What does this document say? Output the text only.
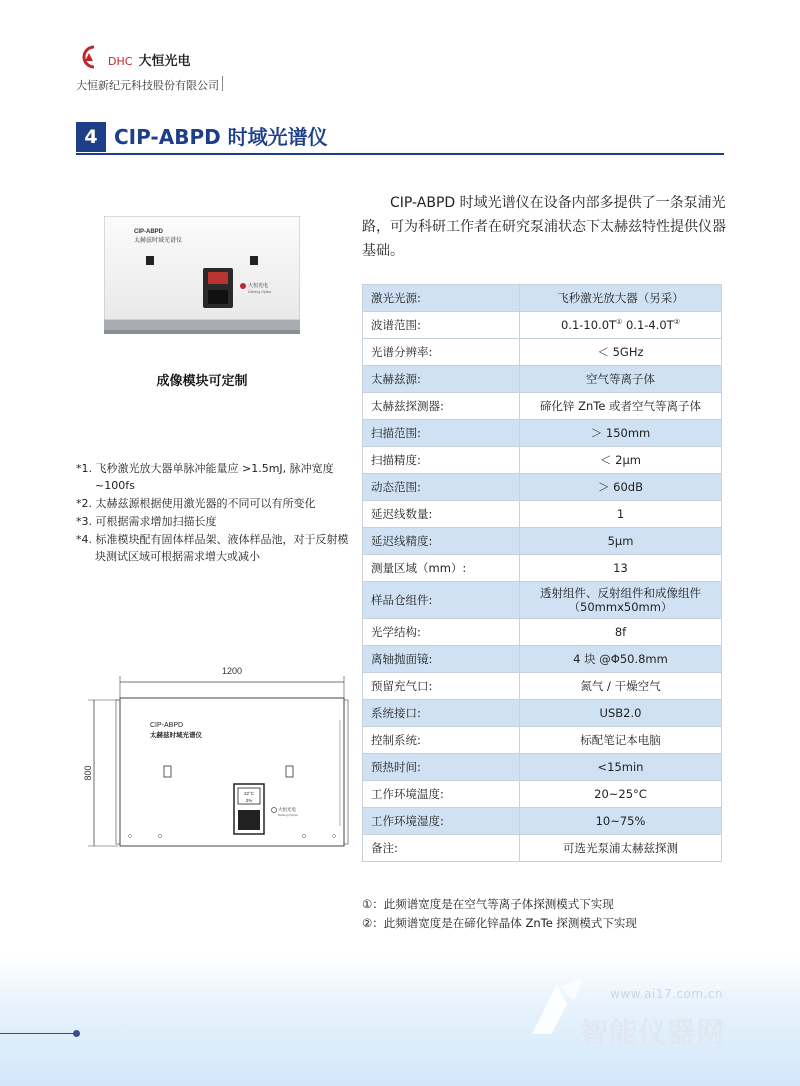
DHC 大恒光电
大恒新纪元科技股份有限公司
4 CIP-ABPD 时域光谱仪
CIP-ABPD 时域光谱仪在设备内部多提供了一条泵浦光路，可为科研工作者在研究泵浦状态下太赫兹特性提供仪器基础。
CIP-ABPD
太赫兹时域光谱仪
大恒光电
Daheng Optics
成像模块可定制
*1. 飞秒激光放大器单脉冲能量应 >1.5mJ, 脉冲宽度 ~100fs
*2. 太赫兹源根据使用激光器的不同可以有所变化
*3. 可根据需求增加扫描长度
*4. 标准模块配有固体样品架、液体样品池，对于反射模块测试区域可根据需求增大或减小
1200
800
CIP-ABPD
太赫兹时域光谱仪
22°C
2%
大恒光电
Daheng Optics
激光光源:	飞秒激光放大器（另采）
波谱范围:	0.1-10.0T① 0.1-4.0T②
光谱分辨率:	＜ 5GHz
太赫兹源:	空气等离子体
太赫兹探测器:	碲化锌 ZnTe 或者空气等离子体
扫描范围:	＞ 150mm
扫描精度:	＜ 2μm
动态范围:	＞ 60dB
延迟线数量:	1
延迟线精度:	5μm
测量区域（mm）:	13
样品仓组件:	透射组件、反射组件和成像组件
（50mmx50mm）

光学结构:	8f
离轴抛面镜:	4 块 @Φ50.8mm
预留充气口:	氮气 / 干燥空气
系统接口:	USB2.0
控制系统:	标配笔记本电脑
预热时间:	<15min
工作环境温度:	20~25°C
工作环境湿度:	10~75%
备注:	可选光泵浦太赫兹探测
①：此频谱宽度是在空气等离子体探测模式下实现
②：此频谱宽度是在碲化锌晶体 ZnTe 探测模式下实现
www.ai17.com.cn
智能仪器网
